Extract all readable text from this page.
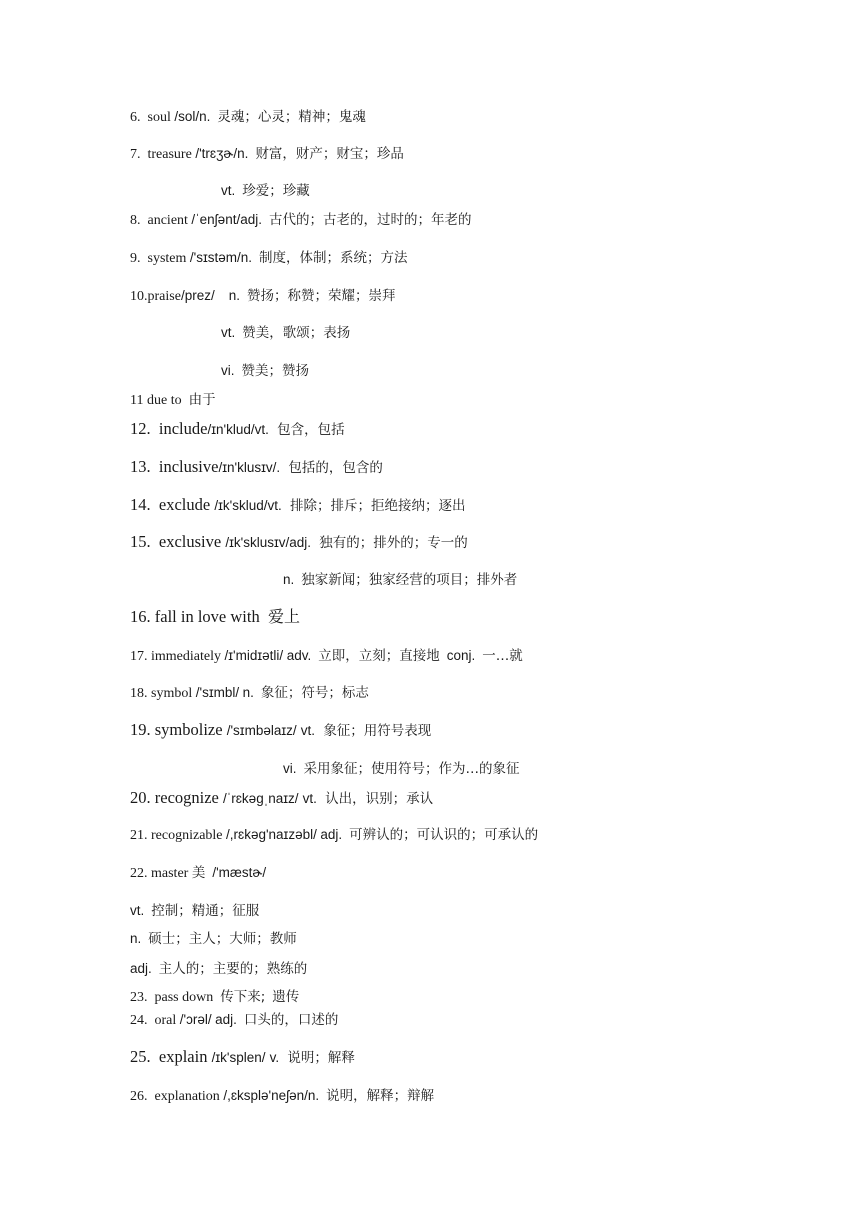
6. soul /sol/n. 灵魂；心灵；精神；鬼魂
7. treasure /'trɛʒɚ/n. 财富，财产；财宝；珍品
vt. 珍爱；珍藏
8. ancient /ˈenʃənt/adj. 古代的；古老的，过时的；年老的
9. system /'sɪstəm/n. 制度，体制；系统；方法
10.praise/prez/ n. 赞扬；称赞；荣耀；崇拜
vt. 赞美，歌颂；表扬
vi. 赞美；赞扬
11 due to 由于
12. include/ɪn'klud/vt. 包含，包括
13. inclusive/ɪn'klusɪv/. 包括的，包含的
14. exclude /ɪk'sklud/vt. 排除；排斥；拒绝接纳；逐出
15. exclusive /ɪk'sklusɪv/adj. 独有的；排外的；专一的
n. 独家新闻；独家经营的项目；排外者
16. fall in love with 爱上
17. immediately /ɪ'midɪətli/ adv. 立即，立刻；直接地 conj. 一…就
18. symbol /'sɪmbl/ n. 象征；符号；标志
19. symbolize /'sɪmbəlaɪz/ vt. 象征；用符号表现
vi. 采用象征；使用符号；作为…的象征
20. recognize /ˈrɛkəgˌnaɪz/ vt. 认出，识别；承认
21. recognizable /,rɛkəg'naɪzəbl/ adj. 可辨认的；可认识的；可承认的
22. master 美 /'mæstɚ/
vt. 控制；精通；征服
n. 硕士；主人；大师；教师
adj. 主人的；主要的；熟练的
23. pass down 传下来; 遗传
24. oral /'ɔrəl/ adj. 口头的，口述的
25. explain /ɪk'splen/ v. 说明；解释
26. explanation /,ɛksplə'neʃən/n. 说明，解释；辩解
